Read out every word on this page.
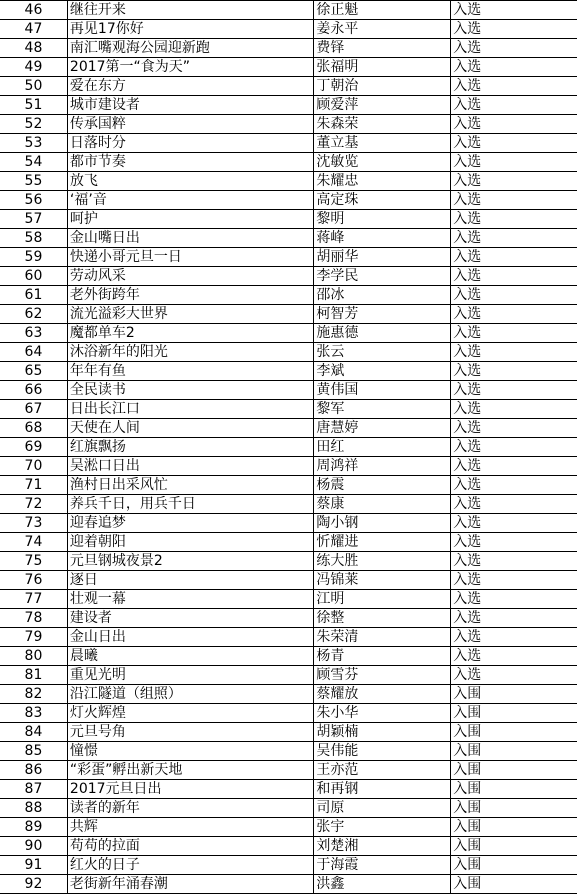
46	继往开来	徐正魁	入选
47	再见17你好	姜永平	入选
48	南汇嘴观海公园迎新跑	费铎	入选
49	2017第一“食为天”	张福明	入选
50	爱在东方	丁朝治	入选
51	城市建设者	顾爱萍	入选
52	传承国粹	朱森荣	入选
53	日落时分	董立基	入选
54	都市节奏	沈敏览	入选
55	放飞	朱耀忠	入选
56	‘福’音	高定珠	入选
57	呵护	黎明	入选
58	金山嘴日出	蒋峰	入选
59	快递小哥元旦一日	胡丽华	入选
60	劳动风采	李学民	入选
61	老外街跨年	邵冰	入选
62	流光溢彩大世界	柯智芳	入选
63	魔都单车2	施惠德	入选
64	沐浴新年的阳光	张云	入选
65	年年有鱼	李斌	入选
66	全民读书	黄伟国	入选
67	日出长江口	黎军	入选
68	天使在人间	唐慧婷	入选
69	红旗飘扬	田红	入选
70	吴淞口日出	周鸿祥	入选
71	渔村日出采风忙	杨震	入选
72	养兵千日，用兵千日	蔡康	入选
73	迎春追梦	陶小钢	入选
74	迎着朝阳	忻耀进	入选
75	元旦钢城夜景2	练大胜	入选
76	逐日	冯锦莱	入选
77	壮观一幕	江明	入选
78	建设者	徐整	入选
79	金山日出	朱荣清	入选
80	晨曦	杨青	入选
81	重见光明	顾雪芬	入选
82	沿江隧道（组照）	蔡耀放	入围
83	灯火辉煌	朱小华	入围
84	元旦号角	胡颖楠	入围
85	憧憬	吴伟能	入围
86	“彩蛋”孵出新天地	王亦范	入围
87	2017元旦日出	和再钢	入围
88	读者的新年	司原	入围
89	共辉	张宇	入围
90	苟苟的拉面	刘楚湘	入围
91	红火的日子	于海霞	入围
92	老街新年涌春潮	洪鑫	入围
